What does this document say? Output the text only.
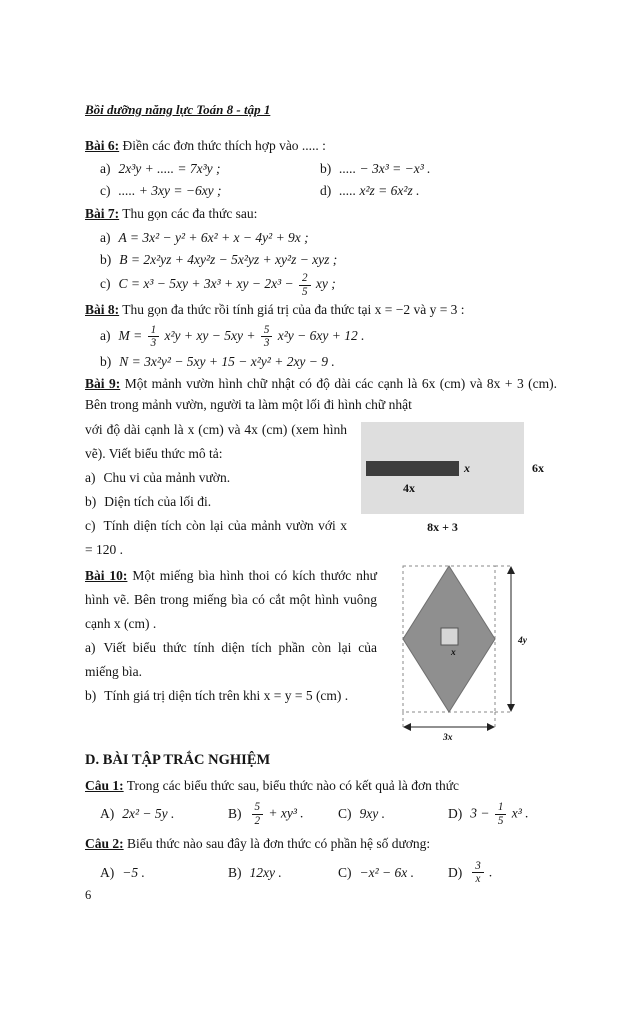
Bồi dưỡng năng lực Toán 8 - tập 1

Bài 6: Điền các đơn thức thích hợp vào ..... :

a) 2x³y + ..... = 7x³y ;	b) ..... − 3x³ = −x³ .
c) ..... + 3xy = −6xy ;	d) ..... x²z = 6x²z .

Bài 7: Thu gọn các đa thức sau:

a) A = 3x² − y² + 6x² + x − 4y² + 9x ;

b) B = 2x²yz + 4xy²z − 5x²yz + xy²z − xyz ;

c) C = x³ − 5xy + 3x³ + xy − $2x^3 - \frac{2}{5}$ xy ;

Bài 8: Thu gọn đa thức rồi tính giá trị của đa thức tại x = −2 và y = 3 :

a) $M = \frac{1}{3} x^2y$ + xy − $5xy + \frac{5}{3} x^2y - 6xy + 12$ .

b) N = 3x²y² − 5xy + 15 − x²y² + 2xy − 9 .

Bài 9: Một mảnh vườn hình chữ nhật có độ dài các cạnh là 6x (cm) và 8x + 3 (cm). Bên trong mảnh vườn, người ta làm một lối đi hình chữ nhật

với độ dài cạnh là x (cm) và 4x (cm) (xem hình vẽ). Viết biểu thức mô tả:

a) Chu vi của mảnh vườn.

b) Diện tích của lối đi.

c) Tính diện tích còn lại của mảnh vườn với x = 120 .

x
4x
6x
8x + 3

Bài 10: Một miếng bìa hình thoi có kích thước như hình vẽ. Bên trong miếng bìa có cắt một hình vuông cạnh x (cm) .

a) Viết biểu thức tính diện tích phần còn lại của miếng bìa.

b) Tính giá trị diện tích trên khi x = y = 5 (cm) .

x
4y
3x
D. BÀI TẬP TRẮC NGHIỆM

Câu 1: Trong các biểu thức sau, biểu thức nào có kết quả là đơn thức

A) 2x² − 5y .	$B) \frac{5}{2} + xy^3$ .	C) 9xy .	D) $3 - \frac{1}{5} x^3$ .

Câu 2: Biểu thức nào sau đây là đơn thức có phần hệ số dương:

A) −5 .	B) 12xy .	C) −x² − 6x .	$D) \frac{3}{x}$ .
6
